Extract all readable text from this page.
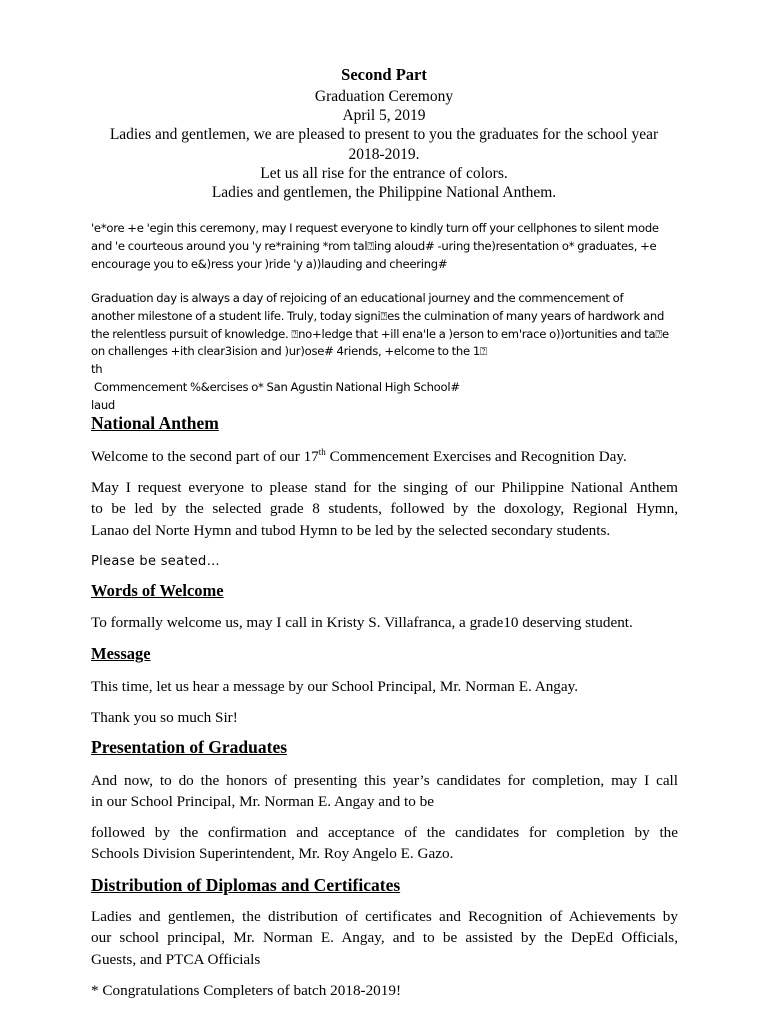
Second Part
Graduation Ceremony
April 5, 2019
Ladies and gentlemen, we are pleased to present to you the graduates for the school year
2018-2019.
Let us all rise for the entrance of colors.
Ladies and gentlemen, the Philippine National Anthem.
'e*ore +e 'egin this ceremony, may I request everyone to kindly turn off your cellphones to silent mode
and 'e courteous around you 'y re*raining *rom tal⍰ing aloud# -uring the)resentation o* graduates, +e
encourage you to e&)ress your )ride 'y a))lauding and cheering#
Graduation day is always a day of rejoicing of an educational journey and the commencement of
another milestone of a student life. Truly, today signi⍰es the culmination of many years of hardwork and
the relentless pursuit of knowledge. ⍰no+ledge that +ill ena'le a )erson to em'race o))ortunities and ta⍰e
on challenges +ith clear3ision and )ur)ose# 4riends, +elcome to the 1⍰
th
Commencement %&ercises o* San Agustin National High School#
laud
National Anthem
Welcome to the second part of our 17th Commencement Exercises and Recognition Day.
May I request everyone to please stand for the singing of our Philippine National Anthem
to be led by the selected grade 8 students, followed by the doxology, Regional Hymn,
Lanao del Norte Hymn and tubod Hymn to be led by the selected secondary students.
Please be seated…
Words of Welcome
To formally welcome us, may I call in Kristy S. Villafranca, a grade10 deserving student.
Message
This time, let us hear a message by our School Principal, Mr. Norman E. Angay.
Thank you so much Sir!
Presentation of Graduates
And now, to do the honors of presenting this year’s candidates for completion, may I call
in our School Principal, Mr. Norman E. Angay and to be
followed by the confirmation and acceptance of the candidates for completion by the
Schools Division Superintendent, Mr. Roy Angelo E. Gazo.
Distribution of Diplomas and Certificates
Ladies and gentlemen, the distribution of certificates and Recognition of Achievements by
our school principal, Mr. Norman E. Angay, and to be assisted by the DepEd Officials,
Guests, and PTCA Officials
* Congratulations Completers of batch 2018-2019!
